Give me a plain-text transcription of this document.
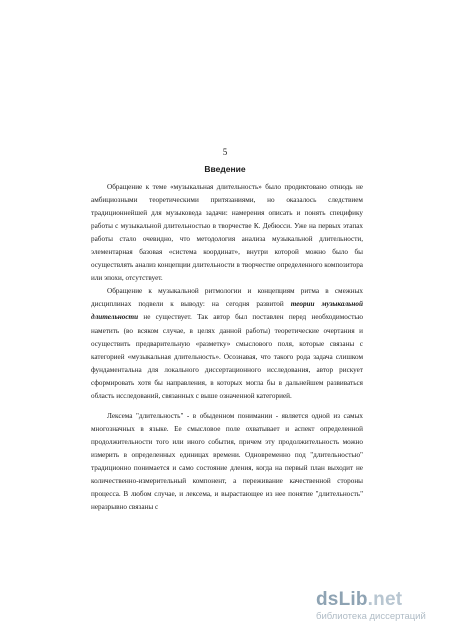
5
Введение

Обращение к теме «музыкальная длительность» было продиктовано отнюдь не амбициозными теоретическими притязаниями, но оказалось следствием традиционнейшей для музыковеда задачи: намерения описать и понять специфику работы с музыкальной длительностью в творчестве К. Дебюсси. Уже на первых этапах работы стало очевидно, что методология анализа музыкальной длительности, элементарная базовая «система координат», внутри которой можно было бы осуществлять анализ концепции длительности в творчестве определенного композитора или эпохи, отсутствует.

Обращение к музыкальной ритмологии и концепциям ритма в смежных дисциплинах подвели к выводу: на сегодня развитой теории музыкальной длительности не существует. Так автор был поставлен перед необходимостью наметить (во всяком случае, в целях данной работы) теоретические очертания и осуществить предварительную «разметку» смыслового поля, которые связаны с категорией «музыкальная длительность». Осознавая, что такого рода задача слишком фундаментальна для локального диссертационного исследования, автор рискует сформировать хотя бы направления, в которых могла бы в дальнейшем развиваться область исследований, связанных с выше означенной категорией.

Лексема "длительность" - в обыденном понимании - является одной из самых многозначных в языке. Ее смысловое поле охватывает и аспект определенной продолжительности того или иного события, причем эту продолжительность можно измерить в определенных единицах времени. Одновременно под "длительностью" традиционно понимается и само состояние дления, когда на первый план выходит не количественно-измерительный компонент, а переживание качественной стороны процесса. В любом случае, и лексема, и вырастающее из нее понятие "длительность" неразрывно связаны с

dsLib.net
библиотека диссертаций
